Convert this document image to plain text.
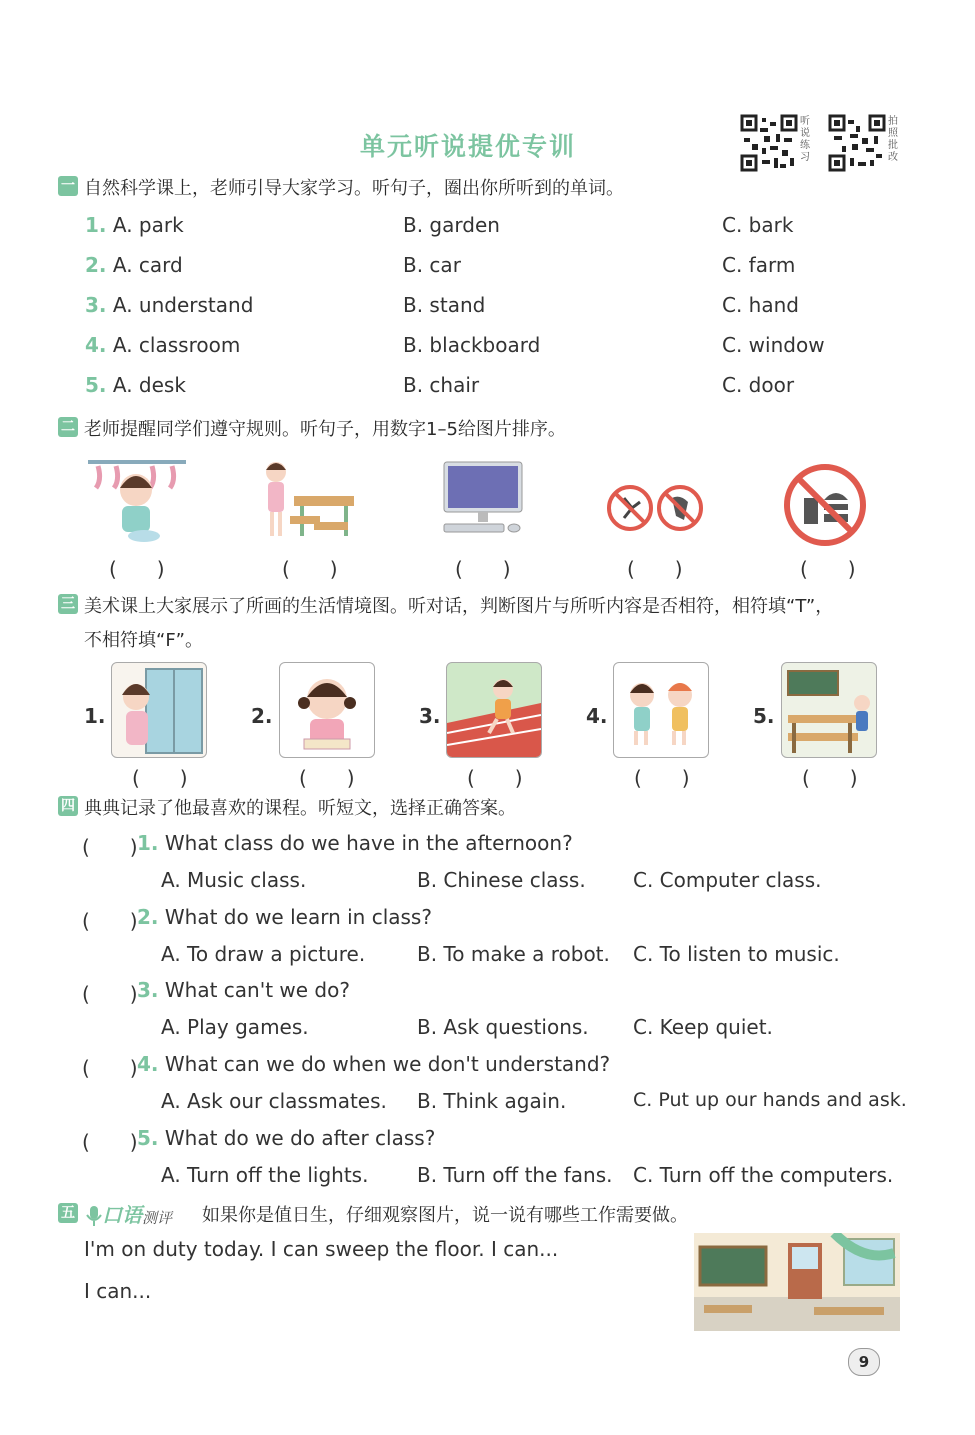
单元听说提优专训
听说练习
拍照批改
一 自然科学课上，老师引导大家学习。听句子，圈出你所听到的单词。
1. A. park	B. garden	C. bark
2. A. card	B. car	C. farm
3. A. understand	B. stand	C. hand
4. A. classroom	B. blackboard	C. window
5. A. desk	B. chair	C. door
二 老师提醒同学们遵守规则。听句子，用数字1–5给图片排序。
(　　)	(　　)	(　　)	(　　)	(　　)
三 美术课上大家展示了所画的生活情境图。听对话，判断图片与所听内容是否相符，相符填“T”，
不相符填“F”。
1.
(　　)
2.
(　　)
3.
(　　)
4.
(　　)
5.
(　　)
四 典典记录了他最喜欢的课程。听短文，选择正确答案。
(　　) 1. What class do we have in the afternoon?
A. Music class.	B. Chinese class. C. Computer class.
(　　) 2. What do we learn in class?
A. To draw a picture.	B. To make a robot. C. To listen to music.
(　　) 3. What can't we do?
A. Play games.	B. Ask questions. C. Keep quiet.
(　　) 4. What can we do when we don't understand?
A. Ask our classmates. B. Think again.	C. Put up our hands and ask.
(　　) 5. What do we do after class?
A. Turn off the lights. B. Turn off the fans. C. Turn off the computers.
五 口语 测评 如果你是值日生，仔细观察图片，说一说有哪些工作需要做。
I'm on duty today. I can sweep the floor. I can...
I can...
9
